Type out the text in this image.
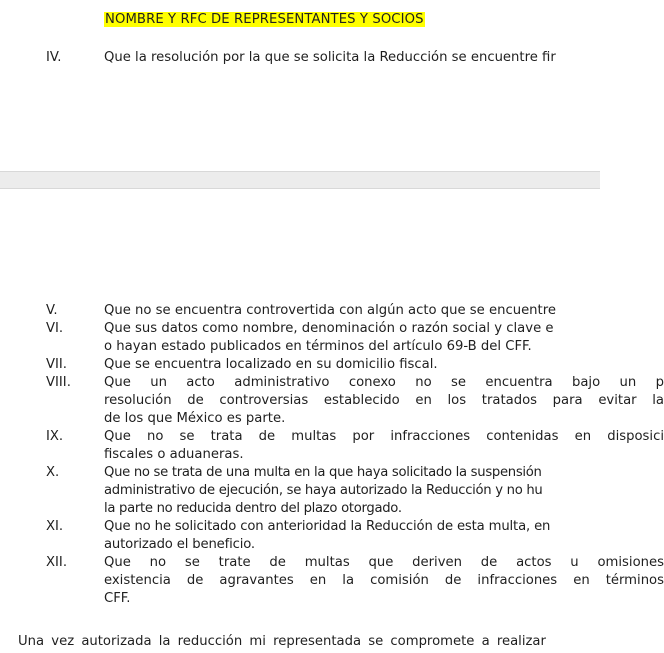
NOMBRE Y RFC DE REPRESENTANTES Y SOCIOS
IV.	Que la resolución por la que se solicita la Reducción se encuentre fir
V.	Que no se encuentra controvertida con algún acto que se encuentre
VI.	Que sus datos como nombre, denominación o razón social y clave e
o hayan estado publicados en términos del artículo 69-B del CFF.
VII.	Que se encuentra localizado en su domicilio fiscal.
VIII.	Que un acto administrativo conexo no se encuentra bajo un p
resolución de controversias establecido en los tratados para evitar la
de los que México es parte.
IX.	Que no se trata de multas por infracciones contenidas en disposici
fiscales o aduaneras.
X.	Que no se trata de una multa en la que haya solicitado la suspensión
administrativo de ejecución, se haya autorizado la Reducción y no hu
la parte no reducida dentro del plazo otorgado.
XI.	Que no he solicitado con anterioridad la Reducción de esta multa, en
autorizado el beneficio.
XII.	Que no se trate de multas que deriven de actos u omisiones
existencia de agravantes en la comisión de infracciones en términos
CFF.
Una vez autorizada la reducción mi representada se compromete a realizar
